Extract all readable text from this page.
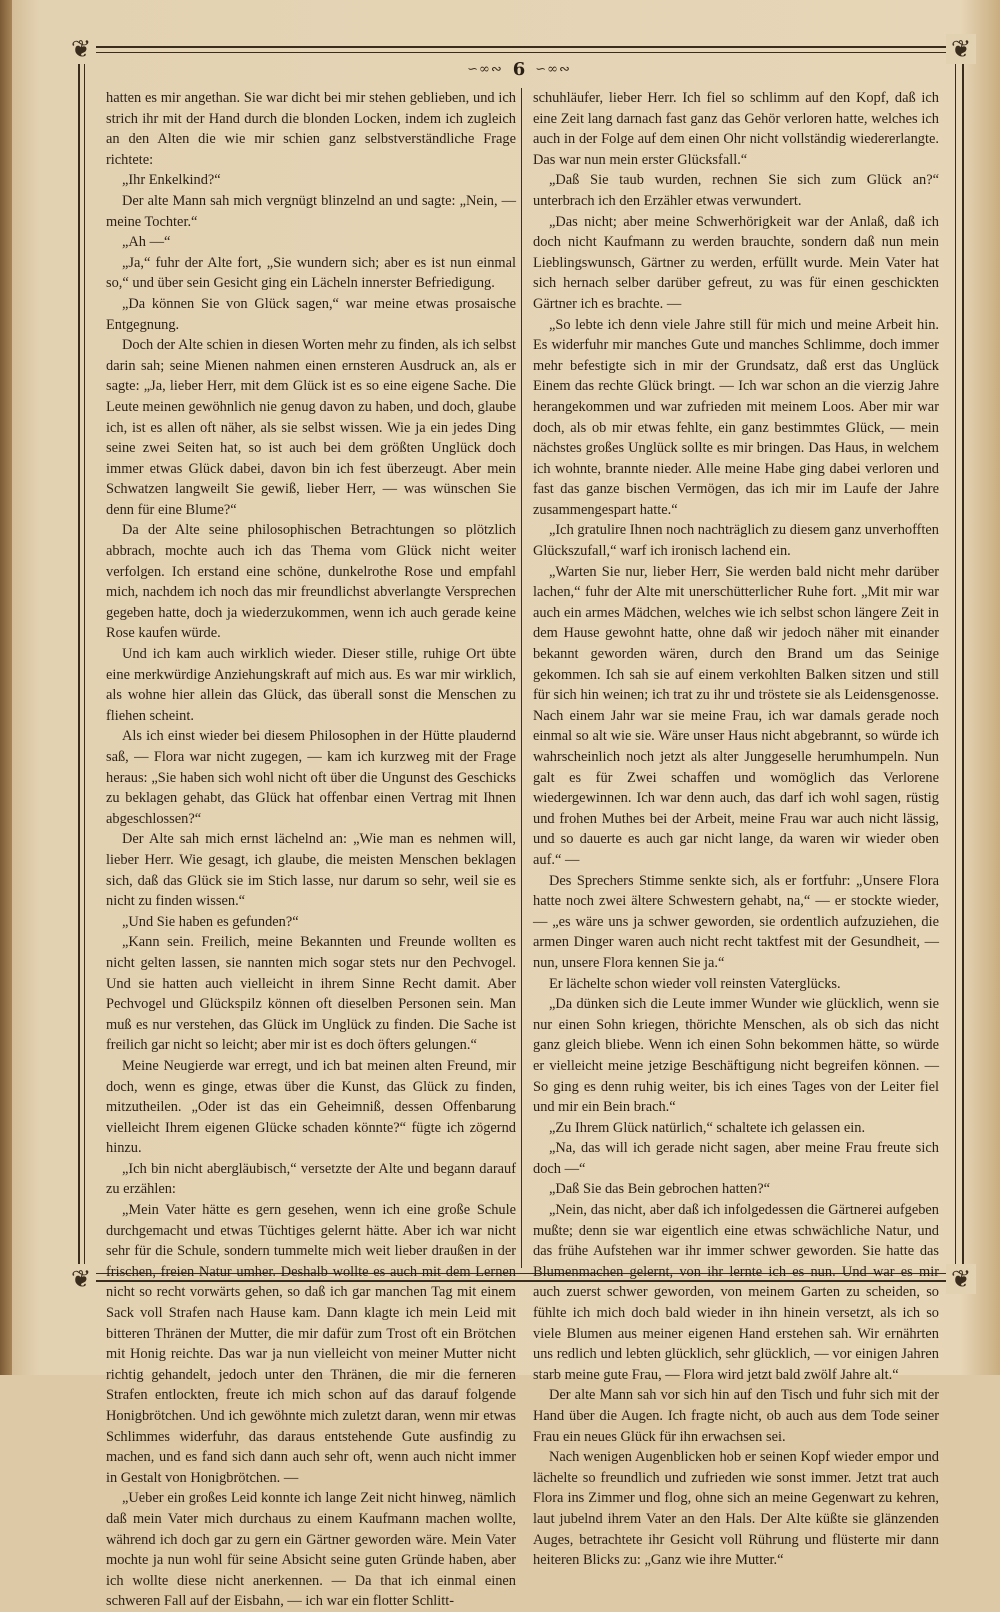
❦	❦
❦	❦
∽∞∾ 6 ∽∞∾

hatten es mir angethan. Sie war dicht bei mir stehen geblieben, und ich strich ihr mit der Hand durch die blonden Locken, indem ich zugleich an den Alten die wie mir schien ganz selbstverständliche Frage richtete:

„Ihr Enkelkind?“

Der alte Mann sah mich vergnügt blinzelnd an und sagte: „Nein, — meine Tochter.“

„Ah —“

„Ja,“ fuhr der Alte fort, „Sie wundern sich; aber es ist nun einmal so,“ und über sein Gesicht ging ein Lächeln innerster Befriedigung.

„Da können Sie von Glück sagen,“ war meine etwas prosaische Entgegnung.

Doch der Alte schien in diesen Worten mehr zu finden, als ich selbst darin sah; seine Mienen nahmen einen ernsteren Ausdruck an, als er sagte: „Ja, lieber Herr, mit dem Glück ist es so eine eigene Sache. Die Leute meinen gewöhnlich nie genug davon zu haben, und doch, glaube ich, ist es allen oft näher, als sie selbst wissen. Wie ja ein jedes Ding seine zwei Seiten hat, so ist auch bei dem größten Unglück doch immer etwas Glück dabei, davon bin ich fest überzeugt. Aber mein Schwatzen langweilt Sie gewiß, lieber Herr, — was wünschen Sie denn für eine Blume?“

Da der Alte seine philosophischen Betrachtungen so plötzlich abbrach, mochte auch ich das Thema vom Glück nicht weiter verfolgen. Ich erstand eine schöne, dunkelrothe Rose und empfahl mich, nachdem ich noch das mir freundlichst abverlangte Versprechen gegeben hatte, doch ja wiederzukommen, wenn ich auch gerade keine Rose kaufen würde.

Und ich kam auch wirklich wieder. Dieser stille, ruhige Ort übte eine merkwürdige Anziehungskraft auf mich aus. Es war mir wirklich, als wohne hier allein das Glück, das überall sonst die Menschen zu fliehen scheint.

Als ich einst wieder bei diesem Philosophen in der Hütte plaudernd saß, — Flora war nicht zugegen, — kam ich kurzweg mit der Frage heraus: „Sie haben sich wohl nicht oft über die Ungunst des Geschicks zu beklagen gehabt, das Glück hat offenbar einen Vertrag mit Ihnen abgeschlossen?“

Der Alte sah mich ernst lächelnd an: „Wie man es nehmen will, lieber Herr. Wie gesagt, ich glaube, die meisten Menschen beklagen sich, daß das Glück sie im Stich lasse, nur darum so sehr, weil sie es nicht zu finden wissen.“

„Und Sie haben es gefunden?“

„Kann sein. Freilich, meine Bekannten und Freunde wollten es nicht gelten lassen, sie nannten mich sogar stets nur den Pechvogel. Und sie hatten auch vielleicht in ihrem Sinne Recht damit. Aber Pechvogel und Glückspilz können oft dieselben Personen sein. Man muß es nur verstehen, das Glück im Unglück zu finden. Die Sache ist freilich gar nicht so leicht; aber mir ist es doch öfters gelungen.“

Meine Neugierde war erregt, und ich bat meinen alten Freund, mir doch, wenn es ginge, etwas über die Kunst, das Glück zu finden, mitzutheilen. „Oder ist das ein Geheimniß, dessen Offenbarung vielleicht Ihrem eigenen Glücke schaden könnte?“ fügte ich zögernd hinzu.

„Ich bin nicht abergläubisch,“ versetzte der Alte und begann darauf zu erzählen:

„Mein Vater hätte es gern gesehen, wenn ich eine große Schule durchgemacht und etwas Tüchtiges gelernt hätte. Aber ich war nicht sehr für die Schule, sondern tummelte mich weit lieber draußen in der frischen, freien Natur umher. Deshalb wollte es auch mit dem Lernen nicht so recht vorwärts gehen, so daß ich gar manchen Tag mit einem Sack voll Strafen nach Hause kam. Dann klagte ich mein Leid mit bitteren Thränen der Mutter, die mir dafür zum Trost oft ein Brötchen mit Honig reichte. Das war ja nun vielleicht von meiner Mutter nicht richtig gehandelt, jedoch unter den Thränen, die mir die ferneren Strafen entlockten, freute ich mich schon auf das darauf folgende Honigbrötchen. Und ich gewöhnte mich zuletzt daran, wenn mir etwas Schlimmes widerfuhr, das daraus entstehende Gute ausfindig zu machen, und es fand sich dann auch sehr oft, wenn auch nicht immer in Gestalt von Honigbrötchen. —

„Ueber ein großes Leid konnte ich lange Zeit nicht hinweg, nämlich daß mein Vater mich durchaus zu einem Kaufmann machen wollte, während ich doch gar zu gern ein Gärtner geworden wäre. Mein Vater mochte ja nun wohl für seine Absicht seine guten Gründe haben, aber ich wollte diese nicht anerkennen. — Da that ich einmal einen schweren Fall auf der Eisbahn, — ich war ein flotter Schlitt-

schuhläufer, lieber Herr. Ich fiel so schlimm auf den Kopf, daß ich eine Zeit lang darnach fast ganz das Gehör verloren hatte, welches ich auch in der Folge auf dem einen Ohr nicht vollständig wiedererlangte. Das war nun mein erster Glücksfall.“

„Daß Sie taub wurden, rechnen Sie sich zum Glück an?“ unterbrach ich den Erzähler etwas verwundert.

„Das nicht; aber meine Schwerhörigkeit war der Anlaß, daß ich doch nicht Kaufmann zu werden brauchte, sondern daß nun mein Lieblingswunsch, Gärtner zu werden, erfüllt wurde. Mein Vater hat sich hernach selber darüber gefreut, zu was für einen geschickten Gärtner ich es brachte. —

„So lebte ich denn viele Jahre still für mich und meine Arbeit hin. Es widerfuhr mir manches Gute und manches Schlimme, doch immer mehr befestigte sich in mir der Grundsatz, daß erst das Unglück Einem das rechte Glück bringt. — Ich war schon an die vierzig Jahre herangekommen und war zufrieden mit meinem Loos. Aber mir war doch, als ob mir etwas fehlte, ein ganz bestimmtes Glück, — mein nächstes großes Unglück sollte es mir bringen. Das Haus, in welchem ich wohnte, brannte nieder. Alle meine Habe ging dabei verloren und fast das ganze bischen Vermögen, das ich mir im Laufe der Jahre zusammengespart hatte.“

„Ich gratulire Ihnen noch nachträglich zu diesem ganz unverhofften Glückszufall,“ warf ich ironisch lachend ein.

„Warten Sie nur, lieber Herr, Sie werden bald nicht mehr darüber lachen,“ fuhr der Alte mit unerschütterlicher Ruhe fort. „Mit mir war auch ein armes Mädchen, welches wie ich selbst schon längere Zeit in dem Hause gewohnt hatte, ohne daß wir jedoch näher mit einander bekannt geworden wären, durch den Brand um das Seinige gekommen. Ich sah sie auf einem verkohlten Balken sitzen und still für sich hin weinen; ich trat zu ihr und tröstete sie als Leidensgenosse. Nach einem Jahr war sie meine Frau, ich war damals gerade noch einmal so alt wie sie. Wäre unser Haus nicht abgebrannt, so würde ich wahrscheinlich noch jetzt als alter Junggeselle herumhumpeln. Nun galt es für Zwei schaffen und womöglich das Verlorene wiedergewinnen. Ich war denn auch, das darf ich wohl sagen, rüstig und frohen Muthes bei der Arbeit, meine Frau war auch nicht lässig, und so dauerte es auch gar nicht lange, da waren wir wieder oben auf.“ —

Des Sprechers Stimme senkte sich, als er fortfuhr: „Unsere Flora hatte noch zwei ältere Schwestern gehabt, na,“ — er stockte wieder, — „es wäre uns ja schwer geworden, sie ordentlich aufzuziehen, die armen Dinger waren auch nicht recht taktfest mit der Gesundheit, — nun, unsere Flora kennen Sie ja.“

Er lächelte schon wieder voll reinsten Vaterglücks.

„Da dünken sich die Leute immer Wunder wie glücklich, wenn sie nur einen Sohn kriegen, thörichte Menschen, als ob sich das nicht ganz gleich bliebe. Wenn ich einen Sohn bekommen hätte, so würde er vielleicht meine jetzige Beschäftigung nicht begreifen können. — So ging es denn ruhig weiter, bis ich eines Tages von der Leiter fiel und mir ein Bein brach.“

„Zu Ihrem Glück natürlich,“ schaltete ich gelassen ein.

„Na, das will ich gerade nicht sagen, aber meine Frau freute sich doch —“

„Daß Sie das Bein gebrochen hatten?“

„Nein, das nicht, aber daß ich infolgedessen die Gärtnerei aufgeben mußte; denn sie war eigentlich eine etwas schwächliche Natur, und das frühe Aufstehen war ihr immer schwer geworden. Sie hatte das Blumenmachen gelernt, von ihr lernte ich es nun. Und war es mir auch zuerst schwer geworden, von meinem Garten zu scheiden, so fühlte ich mich doch bald wieder in ihn hinein versetzt, als ich so viele Blumen aus meiner eigenen Hand erstehen sah. Wir ernährten uns redlich und lebten glücklich, sehr glücklich, — vor einigen Jahren starb meine gute Frau, — Flora wird jetzt bald zwölf Jahre alt.“

Der alte Mann sah vor sich hin auf den Tisch und fuhr sich mit der Hand über die Augen. Ich fragte nicht, ob auch aus dem Tode seiner Frau ein neues Glück für ihn erwachsen sei.

Nach wenigen Augenblicken hob er seinen Kopf wieder empor und lächelte so freundlich und zufrieden wie sonst immer. Jetzt trat auch Flora ins Zimmer und flog, ohne sich an meine Gegenwart zu kehren, laut jubelnd ihrem Vater an den Hals. Der Alte küßte sie glänzenden Auges, betrachtete ihr Gesicht voll Rührung und flüsterte mir dann heiteren Blicks zu: „Ganz wie ihre Mutter.“
